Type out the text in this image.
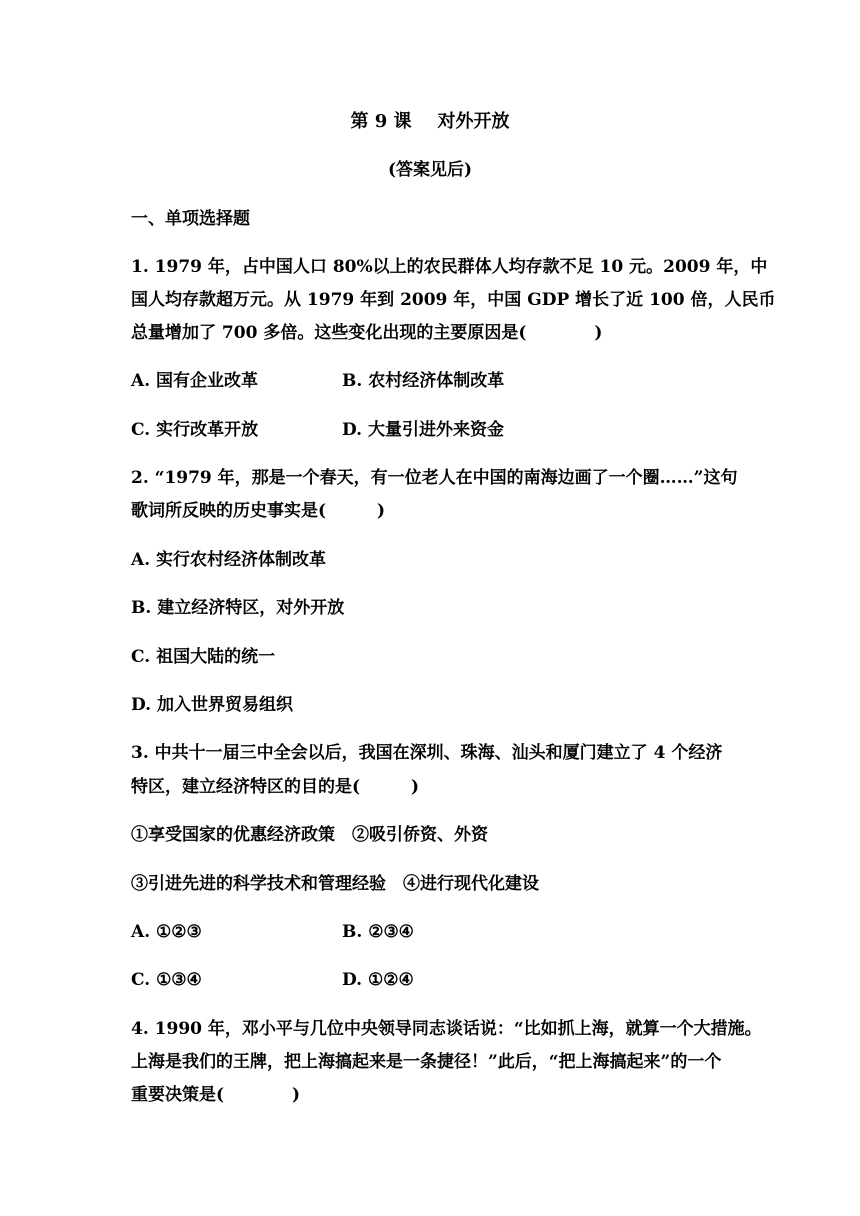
第 9 课 对外开放
(答案见后)
一、单项选择题
1. 1979 年，占中国人口 80%以上的农民群体人均存款不足 10 元。2009 年，中
国人均存款超万元。从 1979 年到 2009 年，中国 GDP 增长了近 100 倍，人民币
总量增加了 700 多倍。这些变化出现的主要原因是(　　　　)
A. 国有企业改革	B. 农村经济体制改革
C. 实行改革开放	D. 大量引进外来资金
2. “1979 年，那是一个春天，有一位老人在中国的南海边画了一个圈……”这句
歌词所反映的历史事实是(　　　)
A. 实行农村经济体制改革
B. 建立经济特区，对外开放
C. 祖国大陆的统一
D. 加入世界贸易组织
3. 中共十一届三中全会以后，我国在深圳、珠海、汕头和厦门建立了 4 个经济
特区，建立经济特区的目的是(　　　)
①享受国家的优惠经济政策　②吸引侨资、外资
③引进先进的科学技术和管理经验　④进行现代化建设
A. ①②③	B. ②③④
C. ①③④	D. ①②④
4. 1990 年，邓小平与几位中央领导同志谈话说：“比如抓上海，就算一个大措施。
上海是我们的王牌，把上海搞起来是一条捷径！”此后，“把上海搞起来”的一个
重要决策是(　　　　)
